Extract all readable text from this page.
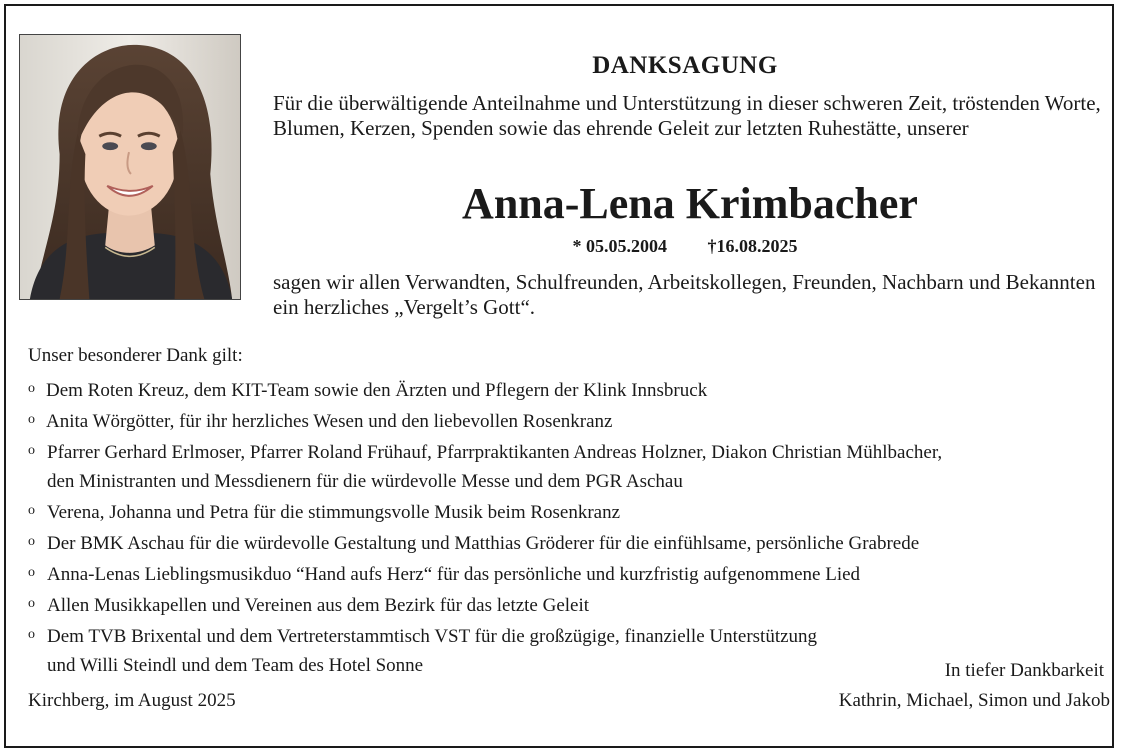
DANKSAGUNG
Für die überwältigende Anteilnahme und Unterstützung in dieser schweren Zeit, tröstenden Worte, Blumen, Kerzen, Spenden sowie das ehrende Geleit zur letzten Ruhestätte, unserer
Anna-Lena Krimbacher
* 05.05.2004 †16.08.2025
sagen wir allen Verwandten, Schulfreunden, Arbeitskollegen, Freunden, Nachbarn und Bekannten ein herzliches „Vergelt’s Gott“.
Unser besonderer Dank gilt:
o Dem Roten Kreuz, dem KIT-Team sowie den Ärzten und Pflegern der Klink Innsbruck
o Anita Wörgötter, für ihr herzliches Wesen und den liebevollen Rosenkranz
o Pfarrer Gerhard Erlmoser, Pfarrer Roland Frühauf, Pfarrpraktikanten Andreas Holzner, Diakon Christian Mühlbacher,
den Ministranten und Messdienern für die würdevolle Messe und dem PGR Aschau
o Verena, Johanna und Petra für die stimmungsvolle Musik beim Rosenkranz
o Der BMK Aschau für die würdevolle Gestaltung und Matthias Gröderer für die einfühlsame, persönliche Grabrede
o Anna-Lenas Lieblingsmusikduo “Hand aufs Herz“ für das persönliche und kurzfristig aufgenommene Lied
o Allen Musikkapellen und Vereinen aus dem Bezirk für das letzte Geleit
o Dem TVB Brixental und dem Vertreterstammtisch VST für die großzügige, finanzielle Unterstützung
und Willi Steindl und dem Team des Hotel Sonne	In tiefer Dankbarkeit
Kirchberg, im August 2025	Kathrin, Michael, Simon und Jakob
